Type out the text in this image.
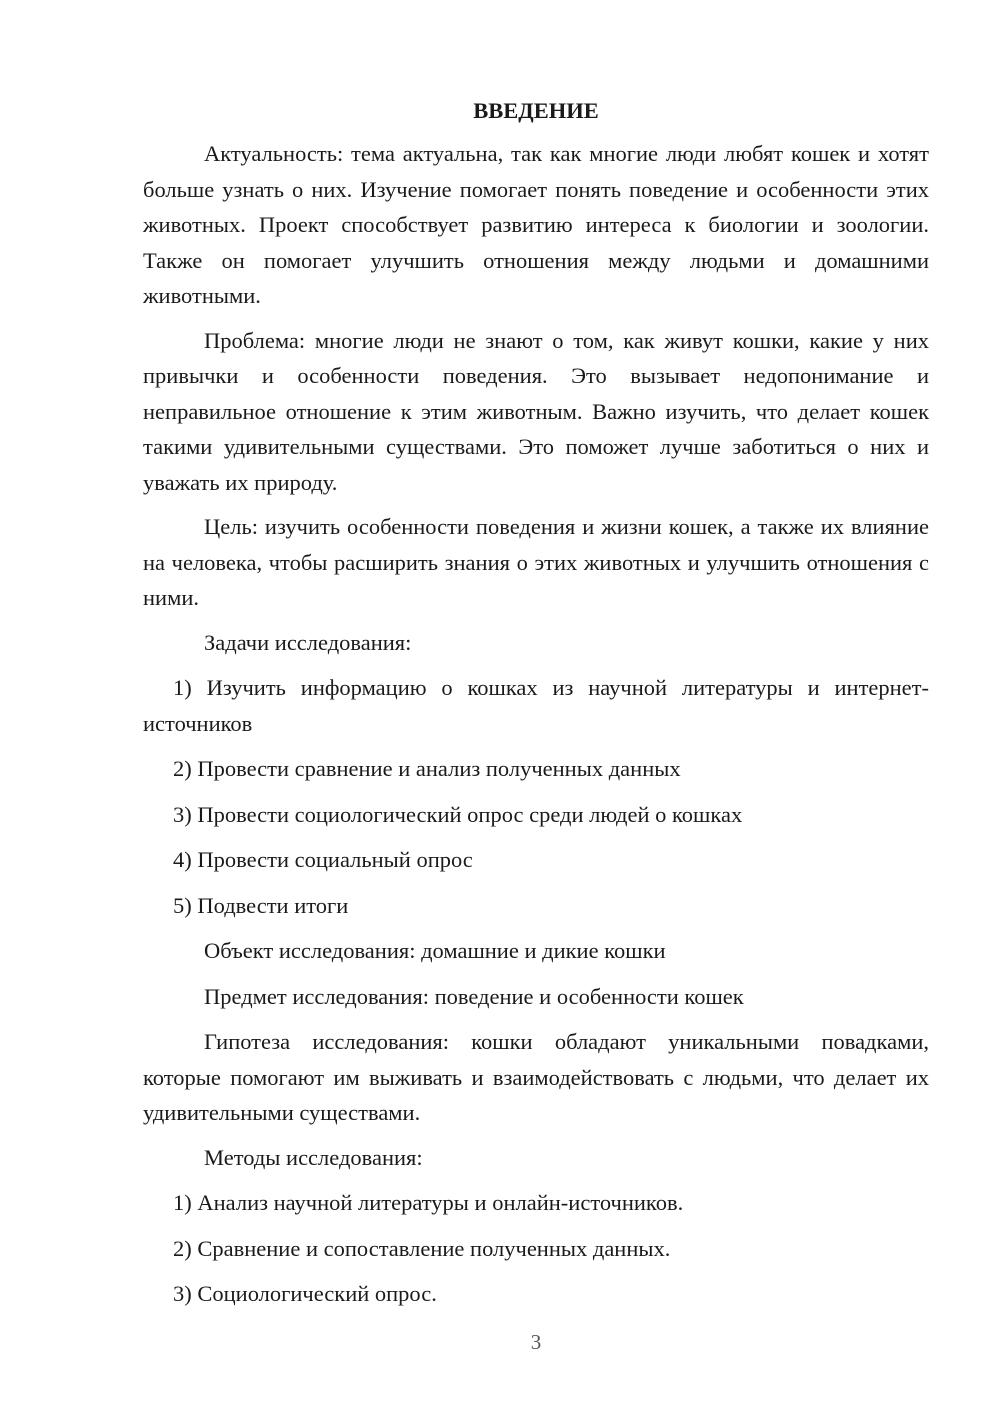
ВВЕДЕНИЕ

Актуальность: тема актуальна, так как многие люди любят кошек и хотят больше узнать о них. Изучение помогает понять поведение и особенности этих животных. Проект способствует развитию интереса к биологии и зоологии. Также он помогает улучшить отношения между людьми и домашними животными.

Проблема: многие люди не знают о том, как живут кошки, какие у них привычки и особенности поведения. Это вызывает недопонимание и неправильное отношение к этим животным. Важно изучить, что делает кошек такими удивительными существами. Это поможет лучше заботиться о них и уважать их природу.

Цель: изучить особенности поведения и жизни кошек, а также их влияние на человека, чтобы расширить знания о этих животных и улучшить отношения с ними.

Задачи исследования:

1) Изучить информацию о кошках из научной литературы и интернет-источников

2) Провести сравнение и анализ полученных данных

3) Провести социологический опрос среди людей о кошках

4) Провести социальный опрос

5) Подвести итоги

Объект исследования: домашние и дикие кошки

Предмет исследования: поведение и особенности кошек

Гипотеза исследования: кошки обладают уникальными повадками, которые помогают им выживать и взаимодействовать с людьми, что делает их удивительными существами.

Методы исследования:

1) Анализ научной литературы и онлайн-источников.

2) Сравнение и сопоставление полученных данных.

3) Социологический опрос.

3
